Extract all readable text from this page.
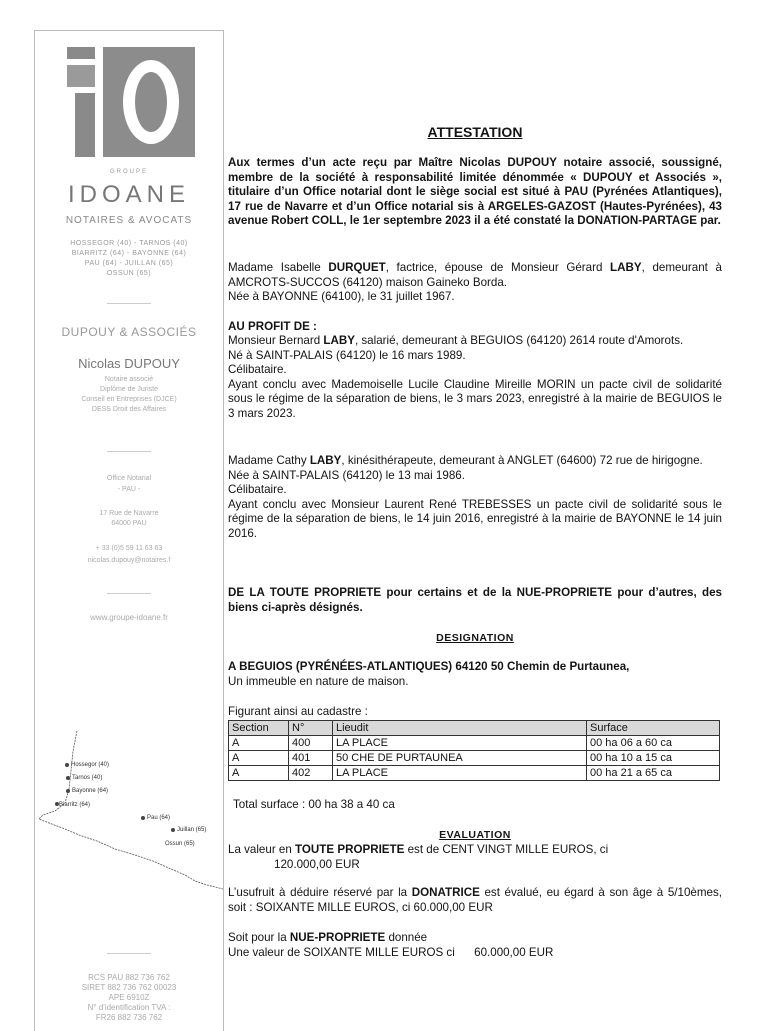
GROUPE
IDOANE
NOTAIRES & AVOCATS
HOSSEGOR (40) - TARNOS (40)
BIARRITZ (64) - BAYONNE (64)
PAU (64) - JUILLAN (65)
OSSUN (65)
DUPOUY & ASSOCIÉS
Nicolas DUPOUY
Notaire associé
Diplôme de Juriste
Conseil en Entreprises (DJCE)
DESS Droit des Affaires
Office Notarial
- PAU -
17 Rue de Navarre
64000 PAU
+ 33 (0)5 59 11 63 63
nicolas.dupouy@notaires.f
www.groupe-idoane.fr
Hossegor (40)
Tarnos (40)
Bayonne (64)
Biarritz (64)
Pau (64)
Juillan (65)
Ossun (65)
RCS PAU 882 736 762
SIRET 882 736 762 00023
APE 6910Z
N° d'identification TVA :
FR26 882 736 762
ATTESTATION

Aux termes d’un acte reçu par Maître Nicolas DUPOUY notaire associé, soussigné, membre de la société à responsabilité limitée dénommée « DUPOUY et Associés », titulaire d’un Office notarial dont le siège social est situé à PAU (Pyrénées Atlantiques), 17 rue de Navarre et d’un Office notarial sis à ARGELES-GAZOST (Hautes-Pyrénées), 43 avenue Robert COLL, le 1er septembre 2023 il a été constaté la DONATION-PARTAGE par.

Madame Isabelle DURQUET, factrice, épouse de Monsieur Gérard LABY, demeurant à AMCROTS-SUCCOS (64120) maison Gaineko Borda.
Née à BAYONNE (64100), le 31 juillet 1967.
AU PROFIT DE :
Monsieur Bernard LABY, salarié, demeurant à BEGUIOS (64120) 2614 route d'Amorots.
Né à SAINT-PALAIS (64120) le 16 mars 1989.
Célibataire.
Ayant conclu avec Mademoiselle Lucile Claudine Mireille MORIN un pacte civil de solidarité sous le régime de la séparation de biens, le 3 mars 2023, enregistré à la mairie de BEGUIOS le 3 mars 2023.
Madame Cathy LABY, kinésithérapeute, demeurant à ANGLET (64600) 72 rue de hirigogne.
Née à SAINT-PALAIS (64120) le 13 mai 1986.
Célibataire.
Ayant conclu avec Monsieur Laurent René TREBESSES un pacte civil de solidarité sous le régime de la séparation de biens, le 14 juin 2016, enregistré à la mairie de BAYONNE le 14 juin 2016.

DE LA TOUTE PROPRIETE pour certains et de la NUE-PROPRIETE pour d’autres, des biens ci-après désignés.

DESIGNATION
A BEGUIOS (PYRÉNÉES-ATLANTIQUES) 64120 50 Chemin de Purtaunea,
Un immeuble en nature de maison.
Figurant ainsi au cadastre :
Section	N°	Lieudit	Surface
A	400	LA PLACE	00 ha 06 a 60 ca
A	401	50 CHE DE PURTAUNEA	00 ha 10 a 15 ca
A	402	LA PLACE	00 ha 21 a 65 ca
Total surface : 00 ha 38 a 40 ca
EVALUATION
La valeur en TOUTE PROPRIETE est de CENT VINGT MILLE EUROS, ci
120.000,00 EUR
L’usufruit à déduire réservé par la DONATRICE est évalué, eu égard à son âge à 5/10èmes, soit : SOIXANTE MILLE EUROS, ci 60.000,00 EUR
Soit pour la NUE-PROPRIETE donnée
Une valeur de SOIXANTE MILLE EUROS ci      60.000,00 EUR
